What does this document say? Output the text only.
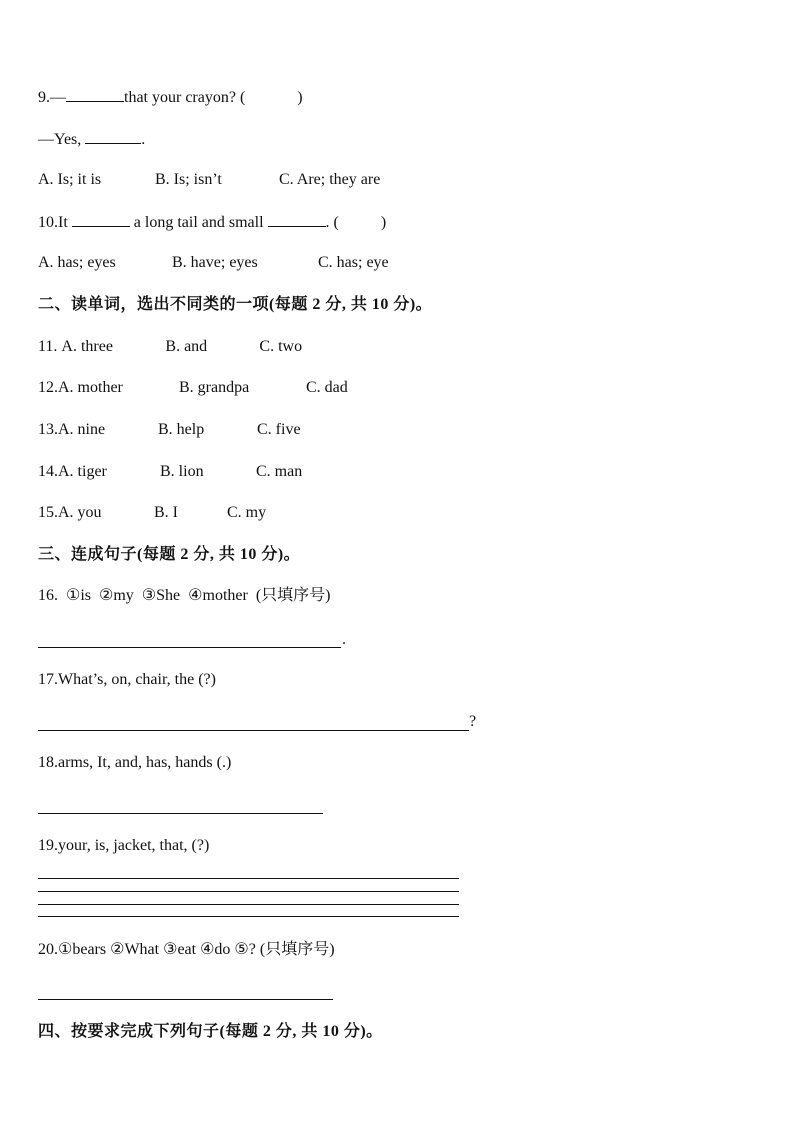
9.—	that your crayon? (	)
—Yes,	.
A. Is; it is	B. Is; isn’t	C. Are; they are
10.It	a long tail and small	. (	)
A. has; eyes	B. have; eyes	C. has; eye
二、读单词，选出不同类的一项(每题 2 分, 共 10 分)。
11. A. three	B. and	C. two
12.A. mother	B. grandpa	C. dad
13.A. nine	B. help	C. five
14.A. tiger	B. lion	C. man
15.A. you	B. I	C. my
三、连成句子(每题 2 分, 共 10 分)。
16. ①is ②my ③She ④mother (只填序号)
.
17.What’s, on, chair, the (?)
?
18.arms, It, and, has, hands (.)
19.your, is, jacket, that, (?)
20.①bears ②What ③eat ④do ⑤? (只填序号)
四、按要求完成下列句子(每题 2 分, 共 10 分)。
